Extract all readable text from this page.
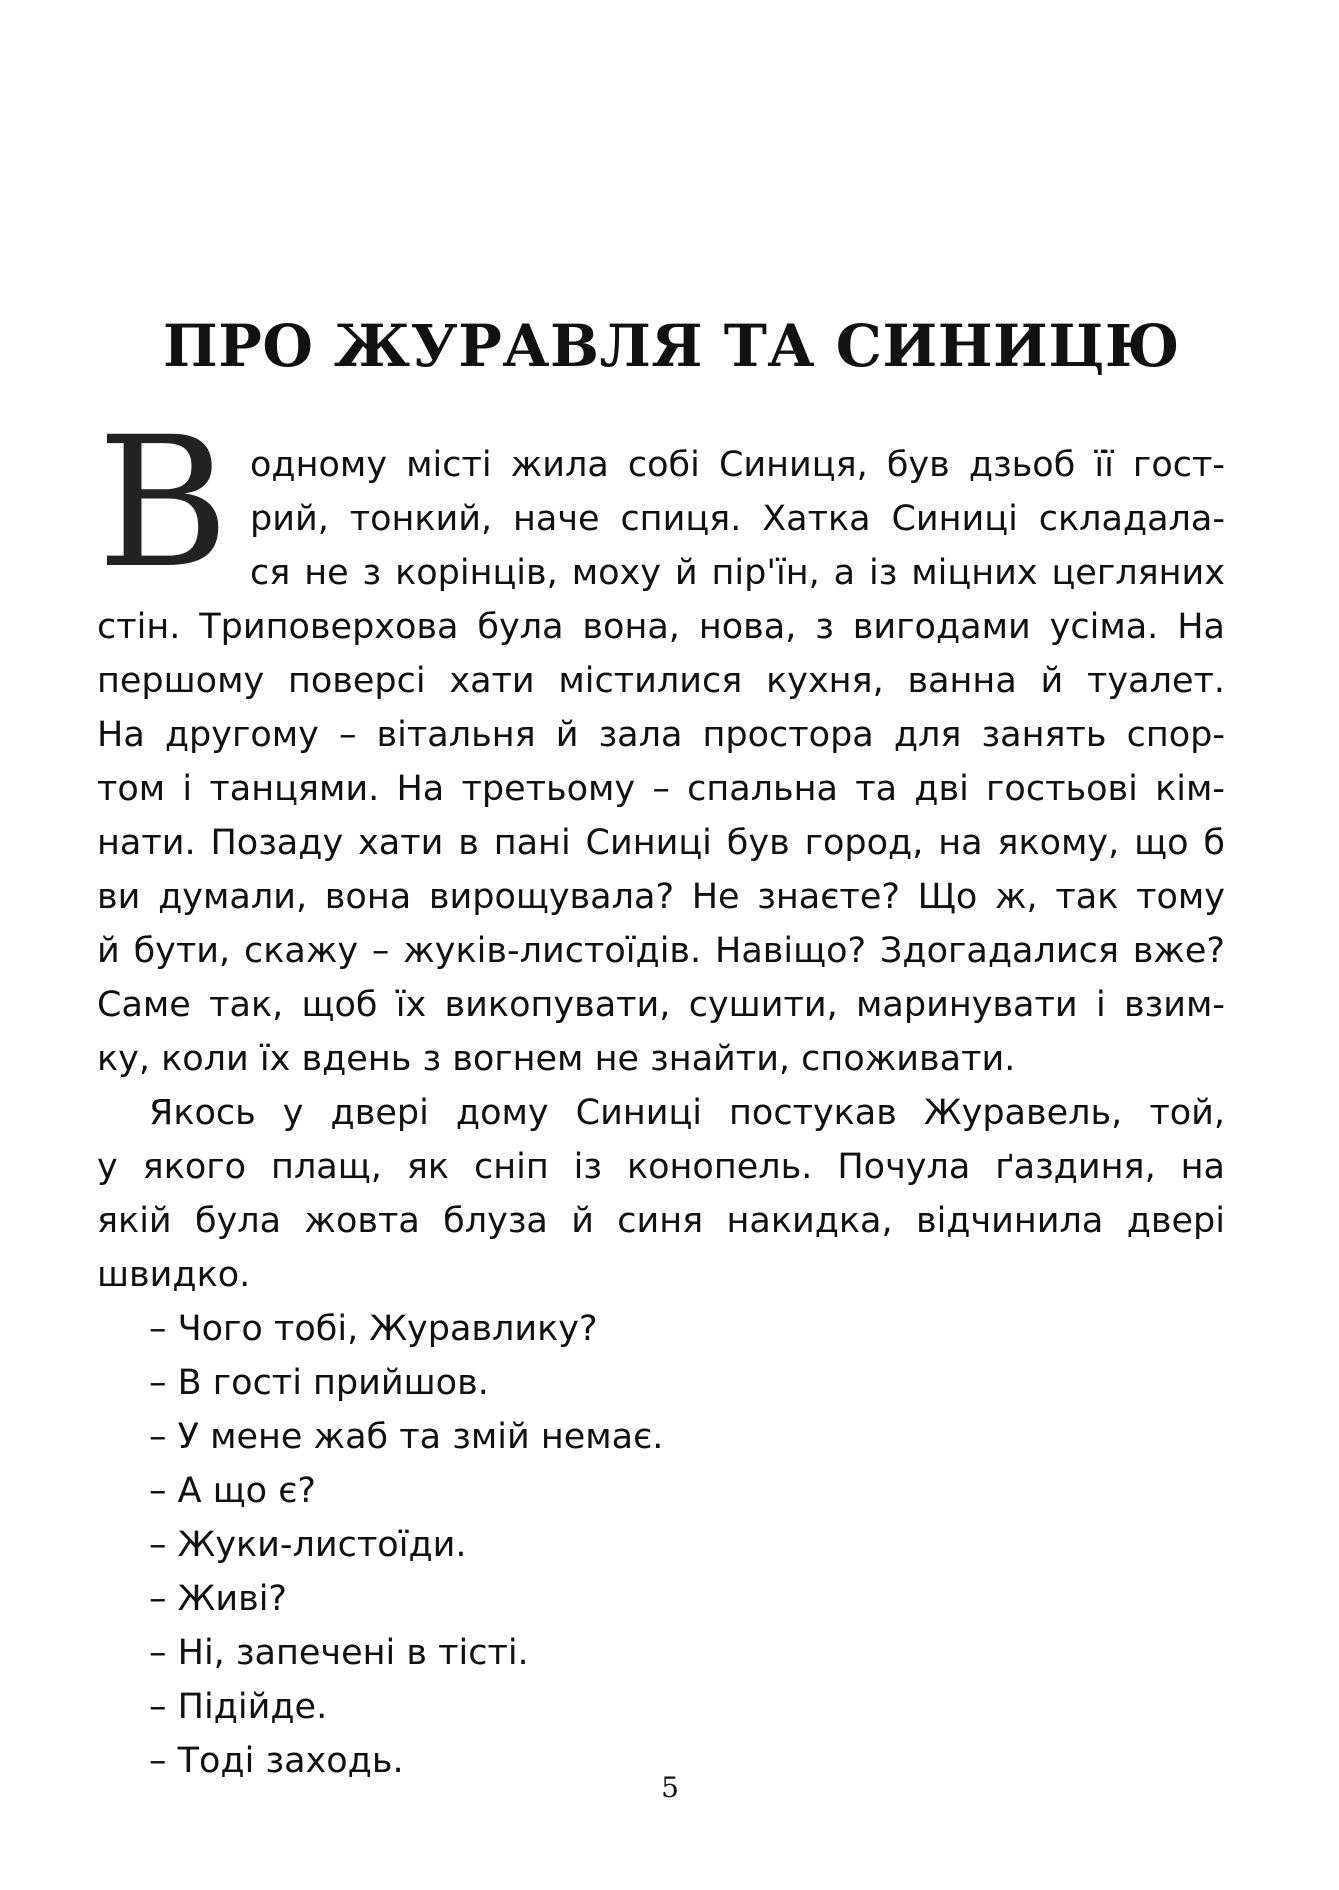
ПРО ЖУРАВЛЯ ТА СИНИЦЮ
В одному місті жила собі Синиця, був дзьоб її гост-

рий, тонкий, наче спиця. Хатка Синиці складала-

ся не з корінців, моху й пір'їн, а із міцних цегляних

стін. Триповерхова була вона, нова, з вигодами усіма. На

першому поверсі хати містилися кухня, ванна й туалет.

На другому – вітальня й зала простора для занять спор-

том і танцями. На третьому – спальна та дві гостьові кім-

нати. Позаду хати в пані Синиці був город, на якому, що б

ви думали, вона вирощувала? Не знаєте? Що ж, так тому

й бути, скажу – жуків-листоїдів. Навіщо? Здогадалися вже?

Саме так, щоб їх викопувати, сушити, маринувати і взим-

ку, коли їх вдень з вогнем не знайти, споживати.

Якось у двері дому Синиці постукав Журавель, той,

у якого плащ, як сніп із конопель. Почула ґаздиня, на

якій була жовта блуза й синя накидка, відчинила двері

швидко.

– Чого тобі, Журавлику?

– В гості прийшов.

– У мене жаб та змій немає.

– А що є?

– Жуки-листоїди.

– Живі?

– Ні, запечені в тісті.

– Підійде.

– Тоді заходь.

5
